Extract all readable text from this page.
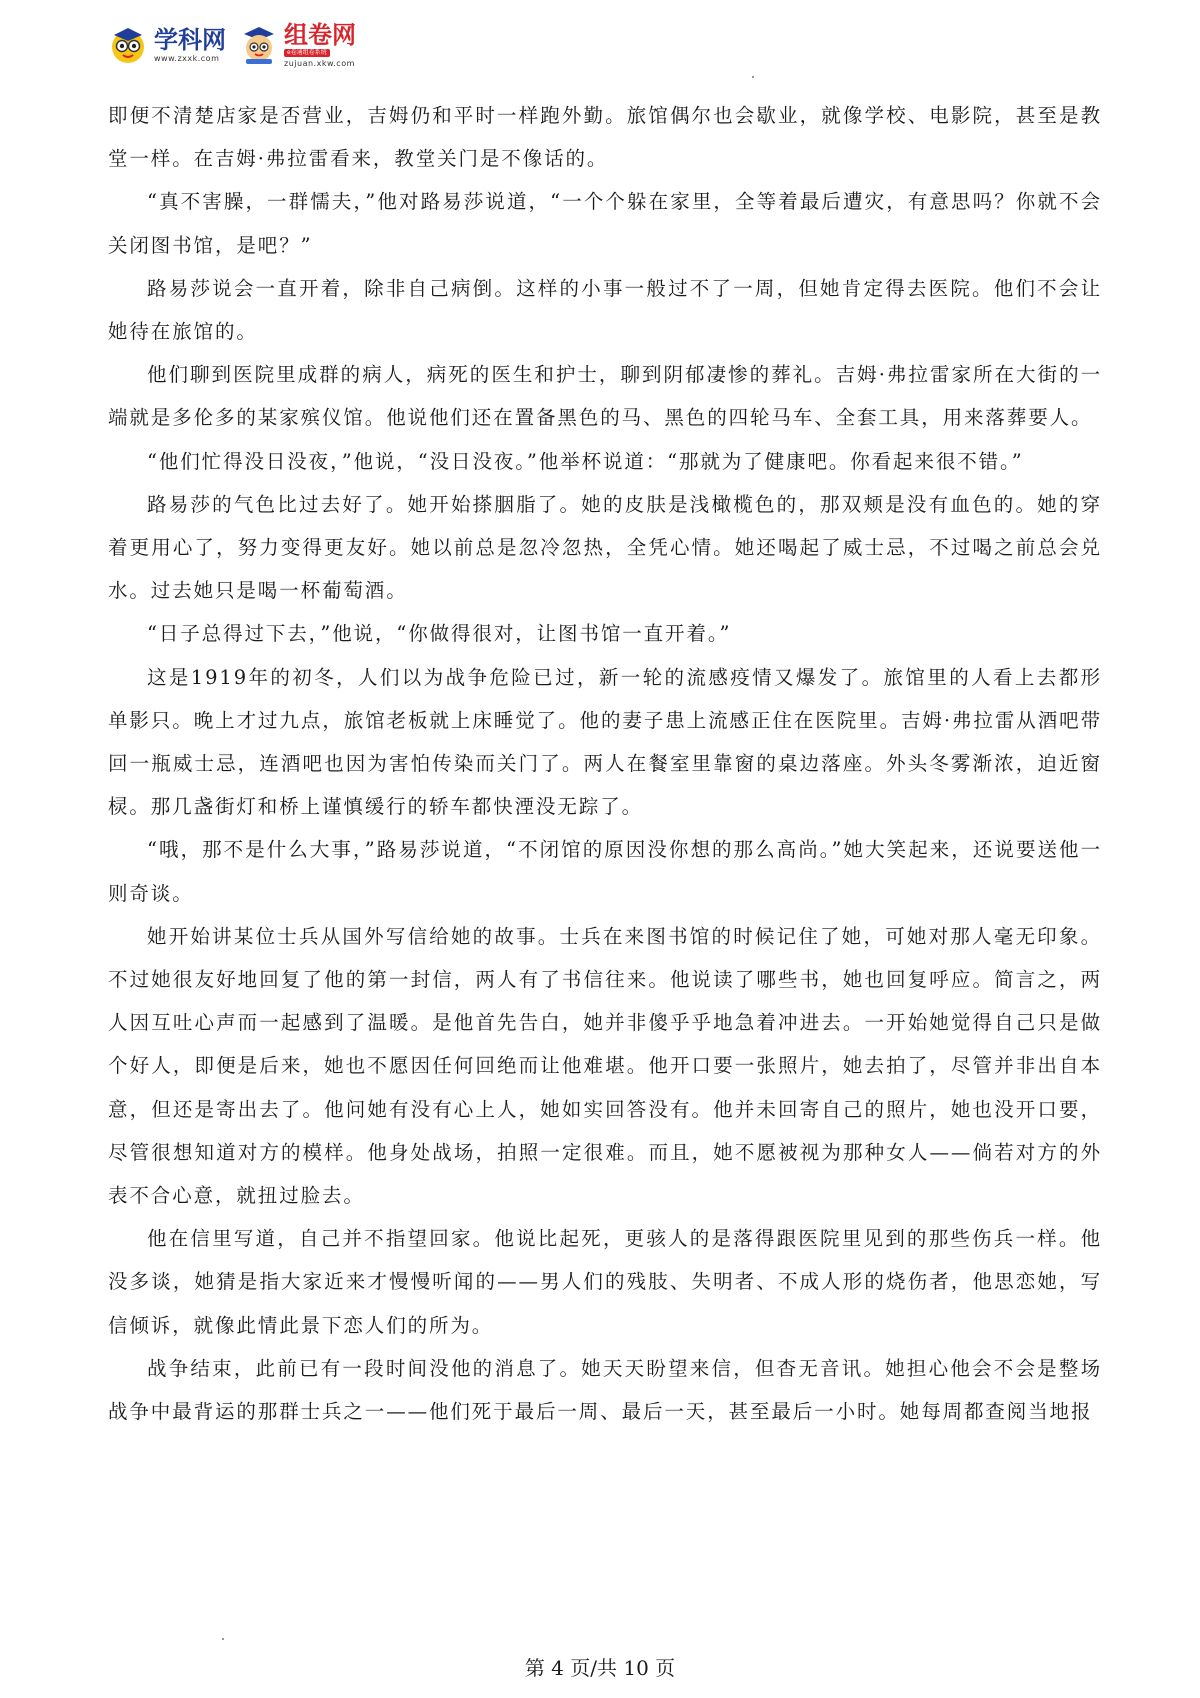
学科网
www.zxxk.com
组卷网
e卷通组卷系统
zujuan.xkw.com

即便不清楚店家是否营业，吉姆仍和平时一样跑外勤。旅馆偶尔也会歇业，就像学校、电影院，甚至是教堂一样。在吉姆·弗拉雷看来，教堂关门是不像话的。

“真不害臊，一群懦夫，”他对路易莎说道，“一个个躲在家里，全等着最后遭灾，有意思吗？你就不会关闭图书馆，是吧？”

路易莎说会一直开着，除非自己病倒。这样的小事一般过不了一周，但她肯定得去医院。他们不会让她待在旅馆的。

他们聊到医院里成群的病人，病死的医生和护士，聊到阴郁凄惨的葬礼。吉姆·弗拉雷家所在大街的一端就是多伦多的某家殡仪馆。他说他们还在置备黑色的马、黑色的四轮马车、全套工具，用来落葬要人。

“他们忙得没日没夜，”他说，“没日没夜。”他举杯说道：“那就为了健康吧。你看起来很不错。”

路易莎的气色比过去好了。她开始搽胭脂了。她的皮肤是浅橄榄色的，那双颊是没有血色的。她的穿着更用心了，努力变得更友好。她以前总是忽冷忽热，全凭心情。她还喝起了威士忌，不过喝之前总会兑水。过去她只是喝一杯葡萄酒。

“日子总得过下去，”他说，“你做得很对，让图书馆一直开着。”

这是1919年的初冬，人们以为战争危险已过，新一轮的流感疫情又爆发了。旅馆里的人看上去都形单影只。晚上才过九点，旅馆老板就上床睡觉了。他的妻子患上流感正住在医院里。吉姆·弗拉雷从酒吧带回一瓶威士忌，连酒吧也因为害怕传染而关门了。两人在餐室里靠窗的桌边落座。外头冬雾渐浓，迫近窗棂。那几盏街灯和桥上谨慎缓行的轿车都快湮没无踪了。

“哦，那不是什么大事，”路易莎说道，“不闭馆的原因没你想的那么高尚。”她大笑起来，还说要送他一则奇谈。

她开始讲某位士兵从国外写信给她的故事。士兵在来图书馆的时候记住了她，可她对那人毫无印象。不过她很友好地回复了他的第一封信，两人有了书信往来。他说读了哪些书，她也回复呼应。简言之，两人因互吐心声而一起感到了温暖。是他首先告白，她并非傻乎乎地急着冲进去。一开始她觉得自己只是做个好人，即便是后来，她也不愿因任何回绝而让他难堪。他开口要一张照片，她去拍了，尽管并非出自本意，但还是寄出去了。他问她有没有心上人，她如实回答没有。他并未回寄自己的照片，她也没开口要，尽管很想知道对方的模样。他身处战场，拍照一定很难。而且，她不愿被视为那种女人——倘若对方的外表不合心意，就扭过脸去。

他在信里写道，自己并不指望回家。他说比起死，更骇人的是落得跟医院里见到的那些伤兵一样。他没多谈，她猜是指大家近来才慢慢听闻的——男人们的残肢、失明者、不成人形的烧伤者，他思恋她，写信倾诉，就像此情此景下恋人们的所为。

战争结束，此前已有一段时间没他的消息了。她天天盼望来信，但杳无音讯。她担心他会不会是整场战争中最背运的那群士兵之一——他们死于最后一周、最后一天，甚至最后一小时。她每周都查阅当地报

第 4 页/共 10 页
